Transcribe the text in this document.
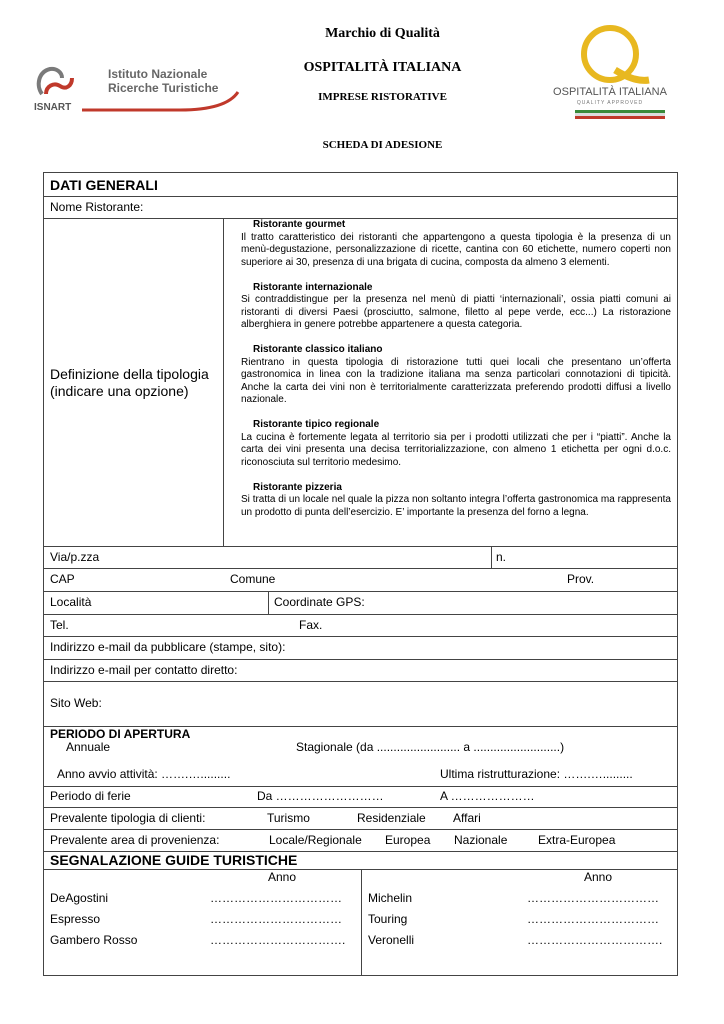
ISNART
Istituto Nazionale
Ricerche Turistiche
Marchio di Qualità
OSPITALITÀ ITALIANA
IMPRESE RISTORATIVE
SCHEDA DI ADESIONE
OSPITALITÀ ITALIANA
QUALITY APPROVED
DATI GENERALI
Nome Ristorante:
Definizione della tipologia
(indicare una opzione)

Ristorante gourmet
Il tratto caratteristico dei ristoranti che appartengono a questa tipologia è la presenza di un menù-degustazione, personalizzazione di ricette, cantina con 60 etichette, numero coperti non superiore ai 30, presenza di una brigata di cucina, composta da almeno 3 elementi.

Ristorante internazionale
Si contraddistingue per la presenza nel menù di piatti ‘internazionali’, ossia piatti comuni ai ristoranti di diversi Paesi (prosciutto, salmone, filetto al pepe verde, ecc...) La ristorazione alberghiera in genere potrebbe appartenere a questa categoria.

Ristorante classico italiano
Rientrano in questa tipologia di ristorazione tutti quei locali che presentano un’offerta gastronomica in linea con la tradizione italiana ma senza particolari connotazioni di tipicità. Anche la carta dei vini non è territorialmente caratterizzata preferendo prodotti diffusi a livello nazionale.

Ristorante tipico regionale
La cucina è fortemente legata al territorio sia per i prodotti utilizzati che per i “piatti”. Anche la carta dei vini presenta una decisa territorializzazione, con almeno 1 etichetta per ogni d.o.c. riconosciuta sul territorio medesimo.

Ristorante pizzeria
Si tratta di un locale nel quale la pizza non soltanto integra l’offerta gastronomica ma rappresenta un prodotto di punta dell’esercizio. E’ importante la presenza del forno a legna.

Via/p.zza	n.
CAP	Comune	Prov.
Località	Coordinate GPS:
Tel.	Fax.
Indirizzo e-mail da pubblicare (stampe, sito):
Indirizzo e-mail per contatto diretto:
Sito Web:
PERIODO DI APERTURA
Annuale	Stagionale (da ......................... a ..........................)
Anno avvio attività: …….….........	Ultima ristrutturazione: …….….........
Periodo di ferie	Da ………………………	A …………………
Prevalente tipologia di clienti:	Turismo	Residenziale Affari
Prevalente area di provenienza:	Locale/Regionale Europea Nazionale	Extra-Europea
SEGNALAZIONE GUIDE TURISTICHE
Anno	Anno
DeAgostini	……………………………
Espresso	……………………………
Gambero Rosso	…………………………….
Michelin	……………………………
Touring	……………………………
Veronelli	…………………………….
